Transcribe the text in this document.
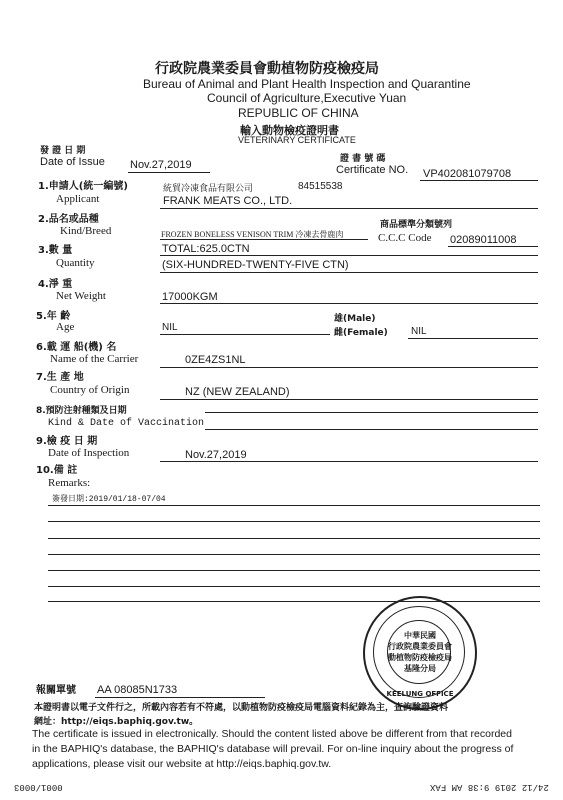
行政院農業委員會動植物防疫檢疫局
Bureau of Animal and Plant Health Inspection and Quarantine
Council of Agriculture,Executive Yuan
REPUBLIC OF CHINA
輸入動物檢疫證明書
VETERINARY CERTIFICATE
發 證 日 期
Date of Issue Nov.27,2019	證 書 號 碼
Certificate NO. VP402081079708
1.申請人(統一編號)
Applicant
統貿冷凍食品有限公司	84515538
FRANK MEATS CO., LTD.
2.品名或品種
Kind/Breed	FROZEN BONELESS VENISON TRIM 冷凍去骨鹿肉
商品標準分類號列
C.C.C Code 02089011008
3.數 量
Quantity
TOTAL:625.0CTN
(SIX-HUNDRED-TWENTY-FIVE CTN)
4.淨 重
Net Weight	17000KGM
5.年 齡
Age	NIL
雄(Male)
雌(Female) NIL
6.載 運 船(機) 名
Name of the Carrier	0ZE4ZS1NL
7.生 產 地
Country of Origin	NZ (NEW ZEALAND)
8.預防注射種類及日期
Kind & Date of Vaccination
9.檢 疫 日 期
Date of Inspection	Nov.27,2019
10.備 註
Remarks:
簽發日期:2019/01/18-07/04
中華民國
行政院農業委員會
動植物防疫檢疫局
基隆分局
KEELUNG OFFICE
報關單號 AA 08085N1733
本證明書以電子文件行之，所載內容若有不符處，以動植物防疫檢疫局電腦資料紀錄為主，查詢驗證資料
網址：http://eiqs.baphiq.gov.tw。
The certificate is issued in electronically. Should the content listed above be different from that recorded
in the BAPHIQ's database, the BAPHIQ's database will prevail. For on-line inquiry about the progress of
applications, please visit our website at http://eiqs.baphiq.gov.tw.
0001/0003	24/12 2019 9:38 AM FAX
